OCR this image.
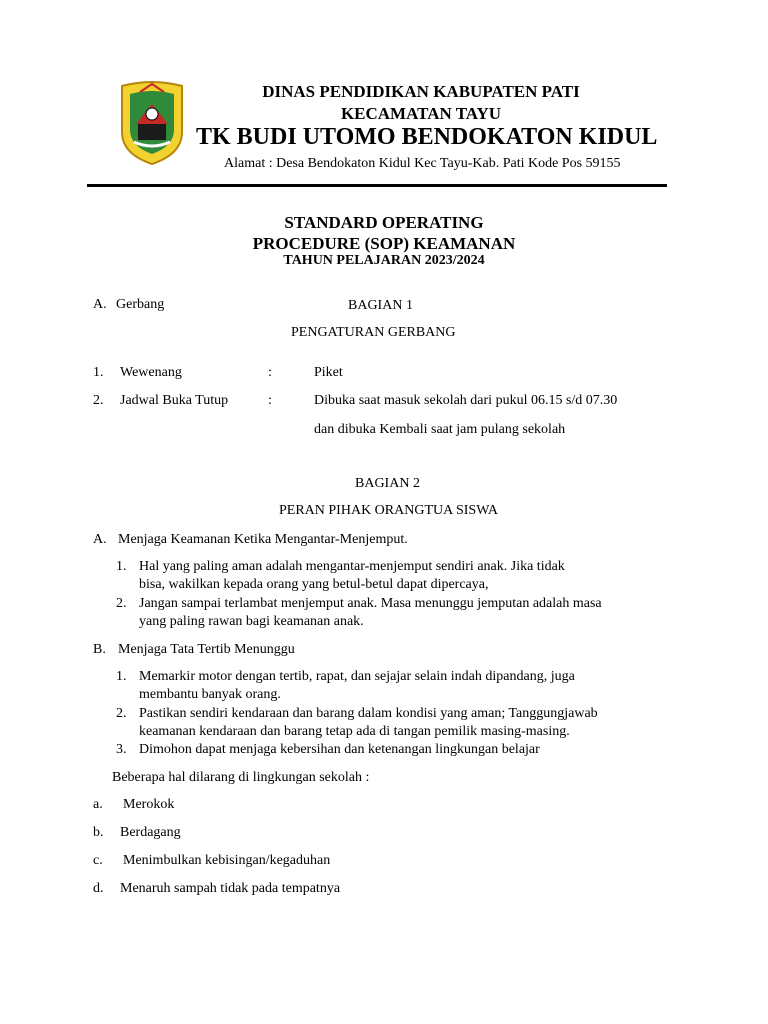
DINAS PENDIDIKAN KABUPATEN PATI
KECAMATAN TAYU
TK BUDI UTOMO BENDOKATON KIDUL
Alamat : Desa Bendokaton Kidul Kec Tayu-Kab. Pati Kode Pos 59155
STANDARD OPERATING
PROCEDURE (SOP) KEAMANAN
TAHUN PELAJARAN 2023/2024
A. Gerbang	BAGIAN 1
PENGATURAN GERBANG
1. Wewenang	:	Piket
2. Jadwal Buka Tutup	:	Dibuka saat masuk sekolah dari pukul 06.15 s/d 07.30
dan dibuka Kembali saat jam pulang sekolah
BAGIAN 2
PERAN PIHAK ORANGTUA SISWA
A. Menjaga Keamanan Ketika Mengantar-Menjemput.
1. Hal yang paling aman adalah mengantar-menjemput sendiri anak. Jika tidak
bisa, wakilkan kepada orang yang betul-betul dapat dipercaya,
2. Jangan sampai terlambat menjemput anak. Masa menunggu jemputan adalah masa
yang paling rawan bagi keamanan anak.
B. Menjaga Tata Tertib Menunggu
1. Memarkir motor dengan tertib, rapat, dan sejajar selain indah dipandang, juga
membantu banyak orang.
2. Pastikan sendiri kendaraan dan barang dalam kondisi yang aman; Tanggungjawab
keamanan kendaraan dan barang tetap ada di tangan pemilik masing-masing.
3. Dimohon dapat menjaga kebersihan dan ketenangan lingkungan belajar
Beberapa hal dilarang di lingkungan sekolah :
a. Merokok
b. Berdagang
c. Menimbulkan kebisingan/kegaduhan
d. Menaruh sampah tidak pada tempatnya
